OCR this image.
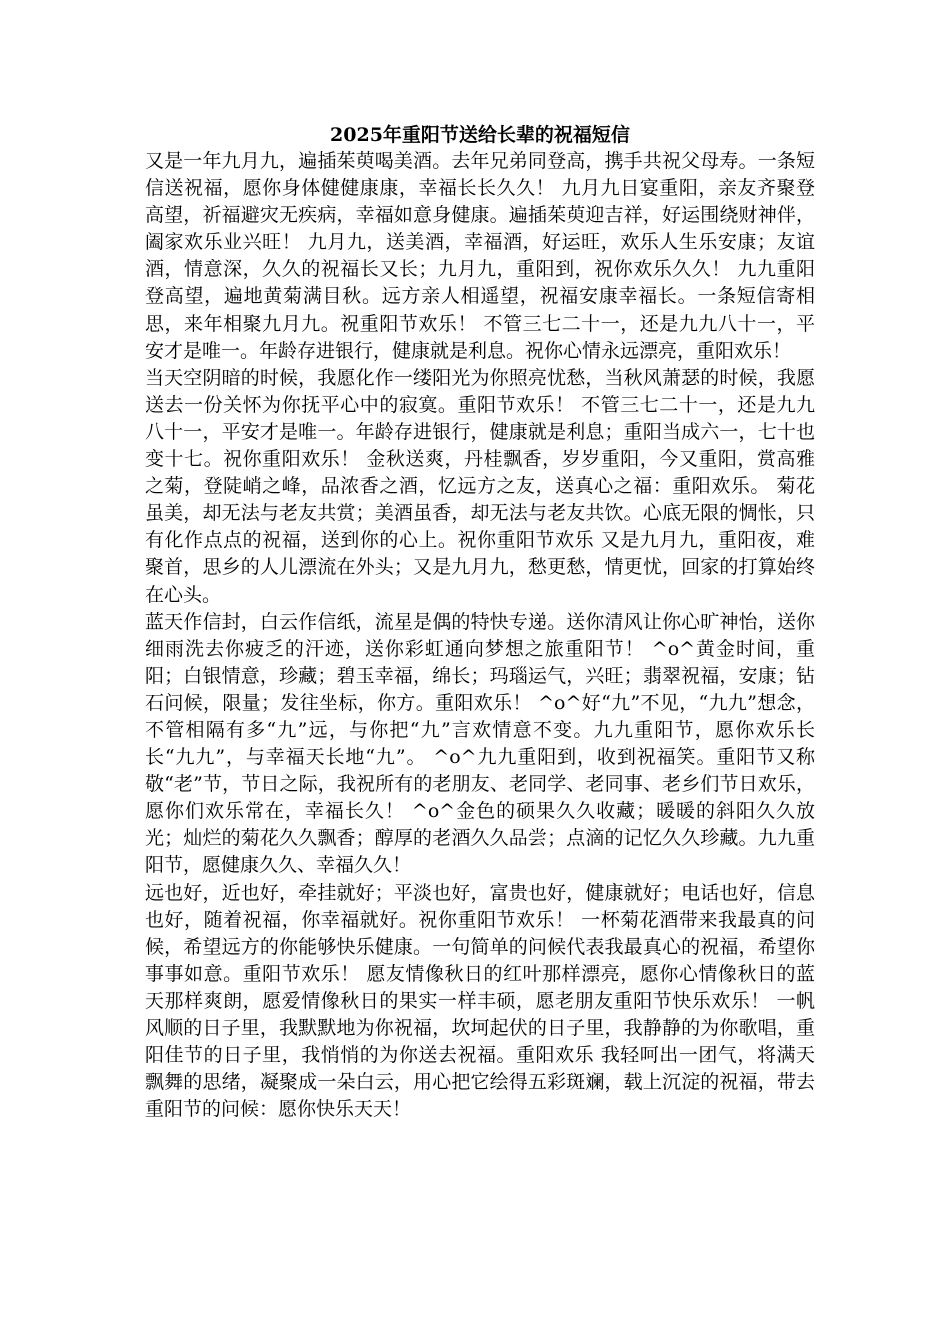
2025年重阳节送给长辈的祝福短信

又是一年九月九，遍插茱萸喝美酒。去年兄弟同登高，携手共祝父母寿。一条短信送祝福，愿你身体健健康康，幸福长长久久！ 九月九日宴重阳，亲友齐聚登高望，祈福避灾无疾病，幸福如意身健康。遍插茱萸迎吉祥，好运围绕财神伴，阖家欢乐业兴旺！ 九月九，送美酒，幸福酒，好运旺，欢乐人生乐安康；友谊酒，情意深，久久的祝福长又长；九月九，重阳到，祝你欢乐久久！ 九九重阳登高望，遍地黄菊满目秋。远方亲人相遥望，祝福安康幸福长。一条短信寄相思，来年相聚九月九。祝重阳节欢乐！ 不管三七二十一，还是九九八十一，平安才是唯一。年龄存进银行，健康就是利息。祝你心情永远漂亮，重阳欢乐！

当天空阴暗的时候，我愿化作一缕阳光为你照亮忧愁，当秋风萧瑟的时候，我愿送去一份关怀为你抚平心中的寂寞。重阳节欢乐！ 不管三七二十一，还是九九八十一，平安才是唯一。年龄存进银行，健康就是利息；重阳当成六一，七十也变十七。祝你重阳欢乐！ 金秋送爽，丹桂飘香，岁岁重阳，今又重阳，赏高雅之菊，登陡峭之峰，品浓香之酒，忆远方之友，送真心之福：重阳欢乐。 菊花虽美，却无法与老友共赏；美酒虽香，却无法与老友共饮。心底无限的惆怅，只有化作点点的祝福，送到你的心上。祝你重阳节欢乐 又是九月九，重阳夜，难聚首，思乡的人儿漂流在外头；又是九月九，愁更愁，情更忧，回家的打算始终在心头。

蓝天作信封，白云作信纸，流星是偶的特快专递。送你清风让你心旷神怡，送你细雨洗去你疲乏的汗迹，送你彩虹通向梦想之旅重阳节！ ^o^黄金时间，重阳；白银情意，珍藏；碧玉幸福，绵长；玛瑙运气，兴旺；翡翠祝福，安康；钻石问候，限量；发往坐标，你方。重阳欢乐！ ^o^好“九”不见，“九九”想念，不管相隔有多“九”远，与你把“九”言欢情意不变。九九重阳节，愿你欢乐长长“九九”，与幸福天长地“九”。 ^o^九九重阳到，收到祝福笑。重阳节又称敬“老”节，节日之际，我祝所有的老朋友、老同学、老同事、老乡们节日欢乐，愿你们欢乐常在，幸福长久！ ^o^金色的硕果久久收藏；暖暖的斜阳久久放光；灿烂的菊花久久飘香；醇厚的老酒久久品尝；点滴的记忆久久珍藏。九九重阳节，愿健康久久、幸福久久！

远也好，近也好，牵挂就好；平淡也好，富贵也好，健康就好；电话也好，信息也好，随着祝福，你幸福就好。祝你重阳节欢乐！ 一杯菊花酒带来我最真的问候，希望远方的你能够快乐健康。一句简单的问候代表我最真心的祝福，希望你事事如意。重阳节欢乐！ 愿友情像秋日的红叶那样漂亮，愿你心情像秋日的蓝天那样爽朗，愿爱情像秋日的果实一样丰硕，愿老朋友重阳节快乐欢乐！ 一帆风顺的日子里，我默默地为你祝福，坎坷起伏的日子里，我静静的为你歌唱，重阳佳节的日子里，我悄悄的为你送去祝福。重阳欢乐 我轻呵出一团气，将满天飘舞的思绪，凝聚成一朵白云，用心把它绘得五彩斑斓，载上沉淀的祝福，带去重阳节的问候：愿你快乐天天！
